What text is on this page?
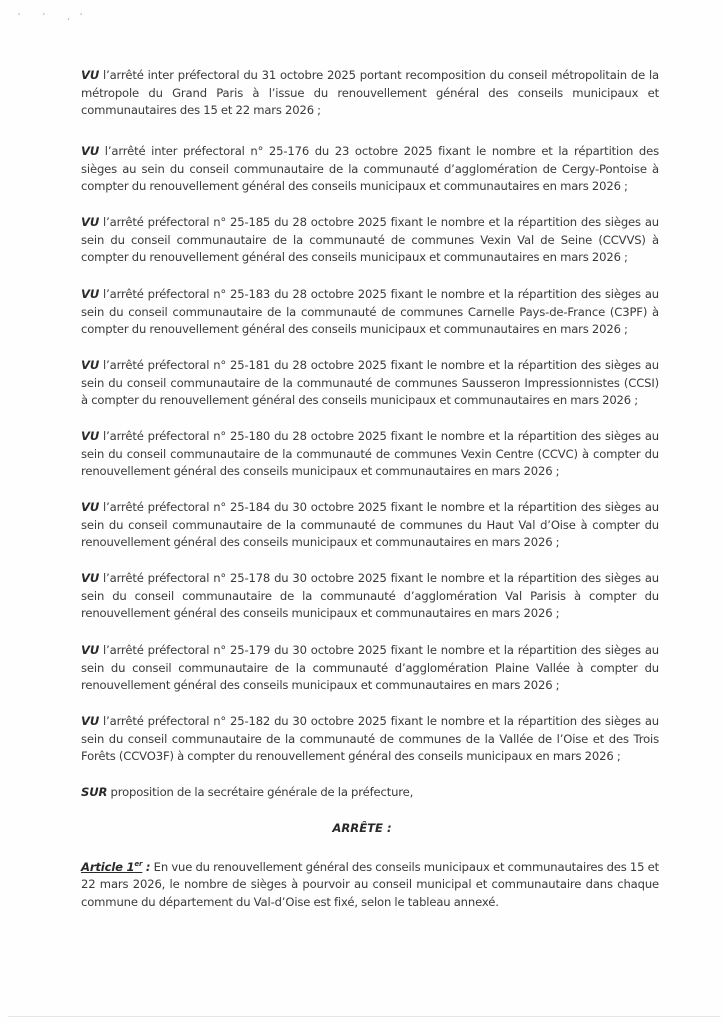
' ' ,'

VU l’arrêté inter préfectoral du 31 octobre 2025 portant recomposition du conseil métropolitain de la métropole du Grand Paris à l’issue du renouvellement général des conseils municipaux et communautaires des 15 et 22 mars 2026 ;

VU l’arrêté inter préfectoral n° 25-176 du 23 octobre 2025 fixant le nombre et la répartition des sièges au sein du conseil communautaire de la communauté d’agglomération de Cergy-Pontoise à compter du renouvellement général des conseils municipaux et communautaires en mars 2026 ;

VU l’arrêté préfectoral n° 25-185 du 28 octobre 2025 fixant le nombre et la répartition des sièges au sein du conseil communautaire de la communauté de communes Vexin Val de Seine (CCVVS) à compter du renouvellement général des conseils municipaux et communautaires en mars 2026 ;

VU l’arrêté préfectoral n° 25-183 du 28 octobre 2025 fixant le nombre et la répartition des sièges au sein du conseil communautaire de la communauté de communes Carnelle Pays-de-France (C3PF) à compter du renouvellement général des conseils municipaux et communautaires en mars 2026 ;

VU l’arrêté préfectoral n° 25-181 du 28 octobre 2025 fixant le nombre et la répartition des sièges au sein du conseil communautaire de la communauté de communes Sausseron Impressionnistes (CCSI) à compter du renouvellement général des conseils municipaux et communautaires en mars 2026 ;

VU l’arrêté préfectoral n° 25-180 du 28 octobre 2025 fixant le nombre et la répartition des sièges au sein du conseil communautaire de la communauté de communes Vexin Centre (CCVC) à compter du renouvellement général des conseils municipaux et communautaires en mars 2026 ;

VU l’arrêté préfectoral n° 25-184 du 30 octobre 2025 fixant le nombre et la répartition des sièges au sein du conseil communautaire de la communauté de communes du Haut Val d’Oise à compter du renouvellement général des conseils municipaux et communautaires en mars 2026 ;

VU l’arrêté préfectoral n° 25-178 du 30 octobre 2025 fixant le nombre et la répartition des sièges au sein du conseil communautaire de la communauté d’agglomération Val Parisis à compter du renouvellement général des conseils municipaux et communautaires en mars 2026 ;

VU l’arrêté préfectoral n° 25-179 du 30 octobre 2025 fixant le nombre et la répartition des sièges au sein du conseil communautaire de la communauté d’agglomération Plaine Vallée à compter du renouvellement général des conseils municipaux et communautaires en mars 2026 ;

VU l’arrêté préfectoral n° 25-182 du 30 octobre 2025 fixant le nombre et la répartition des sièges au sein du conseil communautaire de la communauté de communes de la Vallée de l’Oise et des Trois Forêts (CCVO3F) à compter du renouvellement général des conseils municipaux en mars 2026 ;

SUR proposition de la secrétaire générale de la préfecture,

ARRÊTE :

Article 1er : En vue du renouvellement général des conseils municipaux et communautaires des 15 et 22 mars 2026, le nombre de sièges à pourvoir au conseil municipal et communautaire dans chaque commune du département du Val-d’Oise est fixé, selon le tableau annexé.
